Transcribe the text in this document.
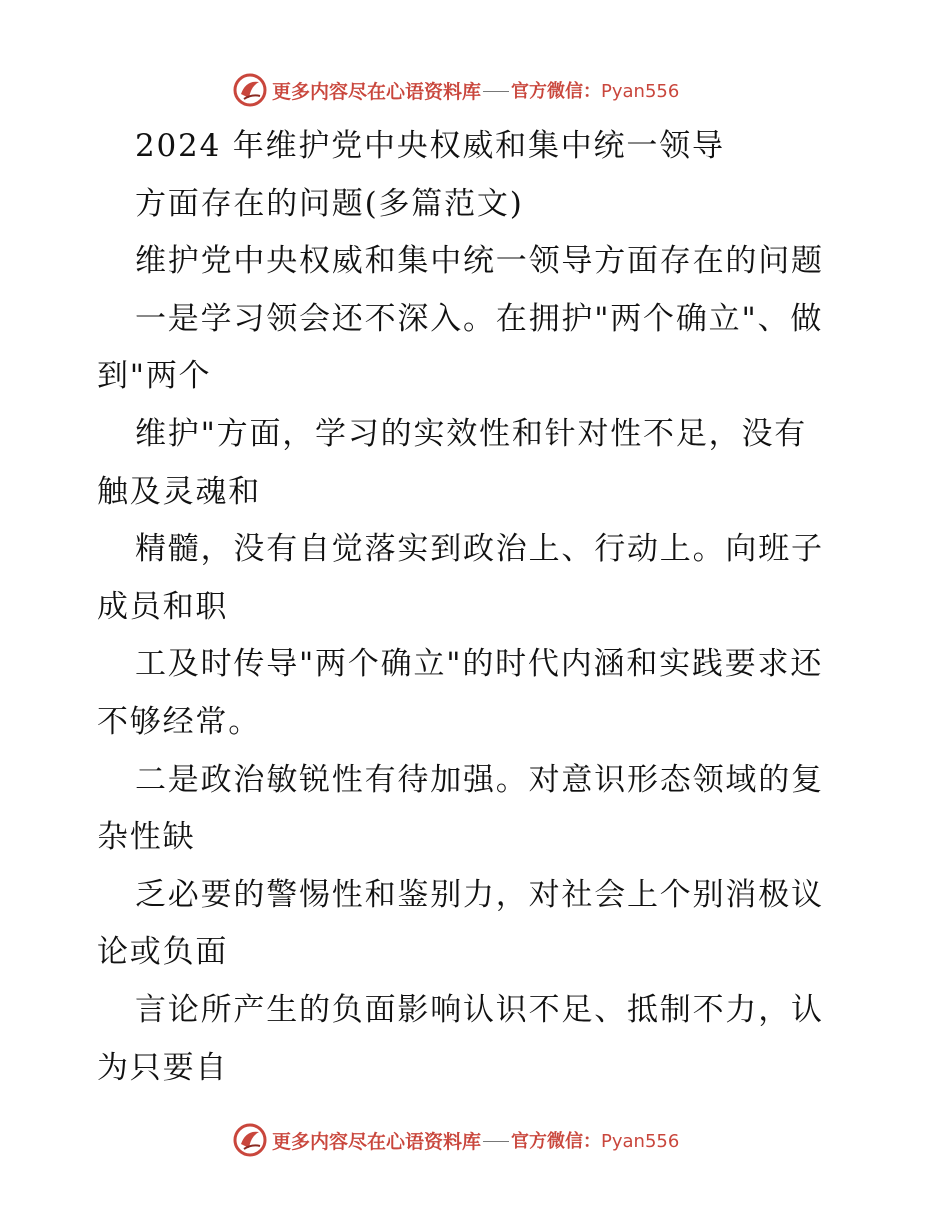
更多内容尽在心语资料库 官方微信：Pyan556
2024 年维护党中央权威和集中统一领导
方面存在的问题(多篇范文)
维护党中央权威和集中统一领导方面存在的问题
一是学习领会还不深入。在拥护"两个确立"、做
到"两个
维护"方面，学习的实效性和针对性不足，没有
触及灵魂和
精髓，没有自觉落实到政治上、行动上。向班子
成员和职
工及时传导"两个确立"的时代内涵和实践要求还
不够经常。
二是政治敏锐性有待加强。对意识形态领域的复
杂性缺
乏必要的警惕性和鉴别力，对社会上个别消极议
论或负面
言论所产生的负面影响认识不足、抵制不力，认
为只要自
更多内容尽在心语资料库 官方微信：Pyan556
